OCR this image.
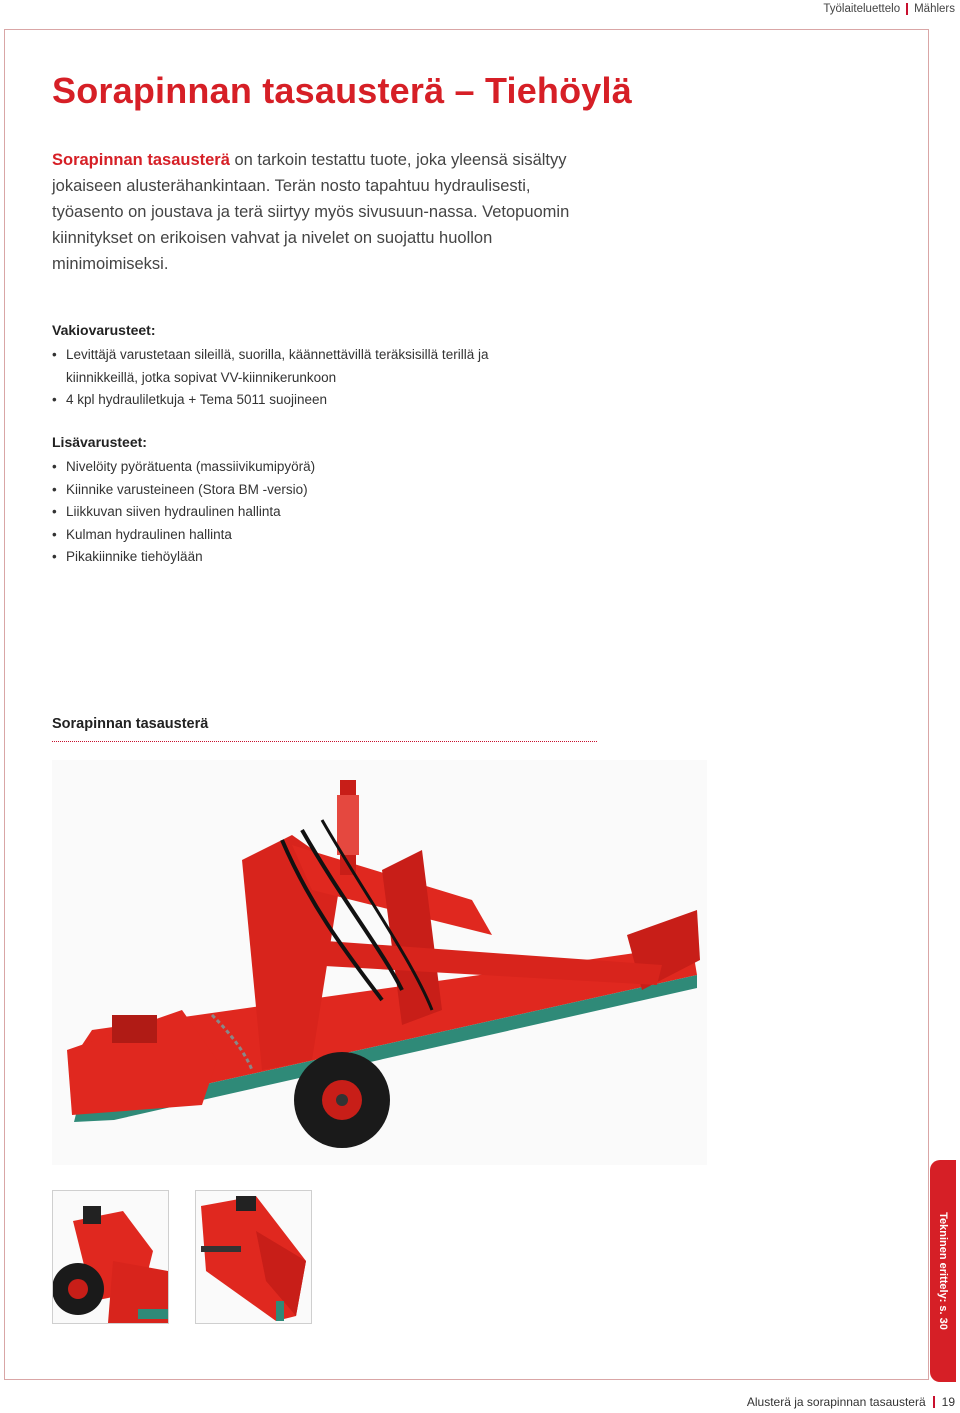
Työlaiteluettelo Mählers
Sorapinnan tasausterä – Tiehöylä

Sorapinnan tasausterä on tarkoin testattu tuote, joka yleensä sisältyy jokaiseen alusterähankintaan. Terän nosto tapahtuu hydraulisesti, työasento on joustava ja terä siirtyy myös sivusuun-nassa. Vetopuomin kiinnitykset on erikoisen vahvat ja nivelet on suojattu huollon minimoimiseksi.

Vakiovarusteet:
• Levittäjä varustetaan sileillä, suorilla, käännettävillä teräksisillä terillä ja kiinnikkeillä, jotka sopivat VV-kiinnikerunkoon
• 4 kpl hydrauliletkuja + Tema 5011 suojineen
Lisävarusteet:
• Nivelöity pyörätuenta (massiivikumipyörä)
• Kiinnike varusteineen (Stora BM -versio)
• Liikkuvan siiven hydraulinen hallinta
• Kulman hydraulinen hallinta
• Pikakiinnike tiehöylään
Sorapinnan tasausterä
Tekninen erittely: s. 30
Alusterä ja sorapinnan tasausterä 19
